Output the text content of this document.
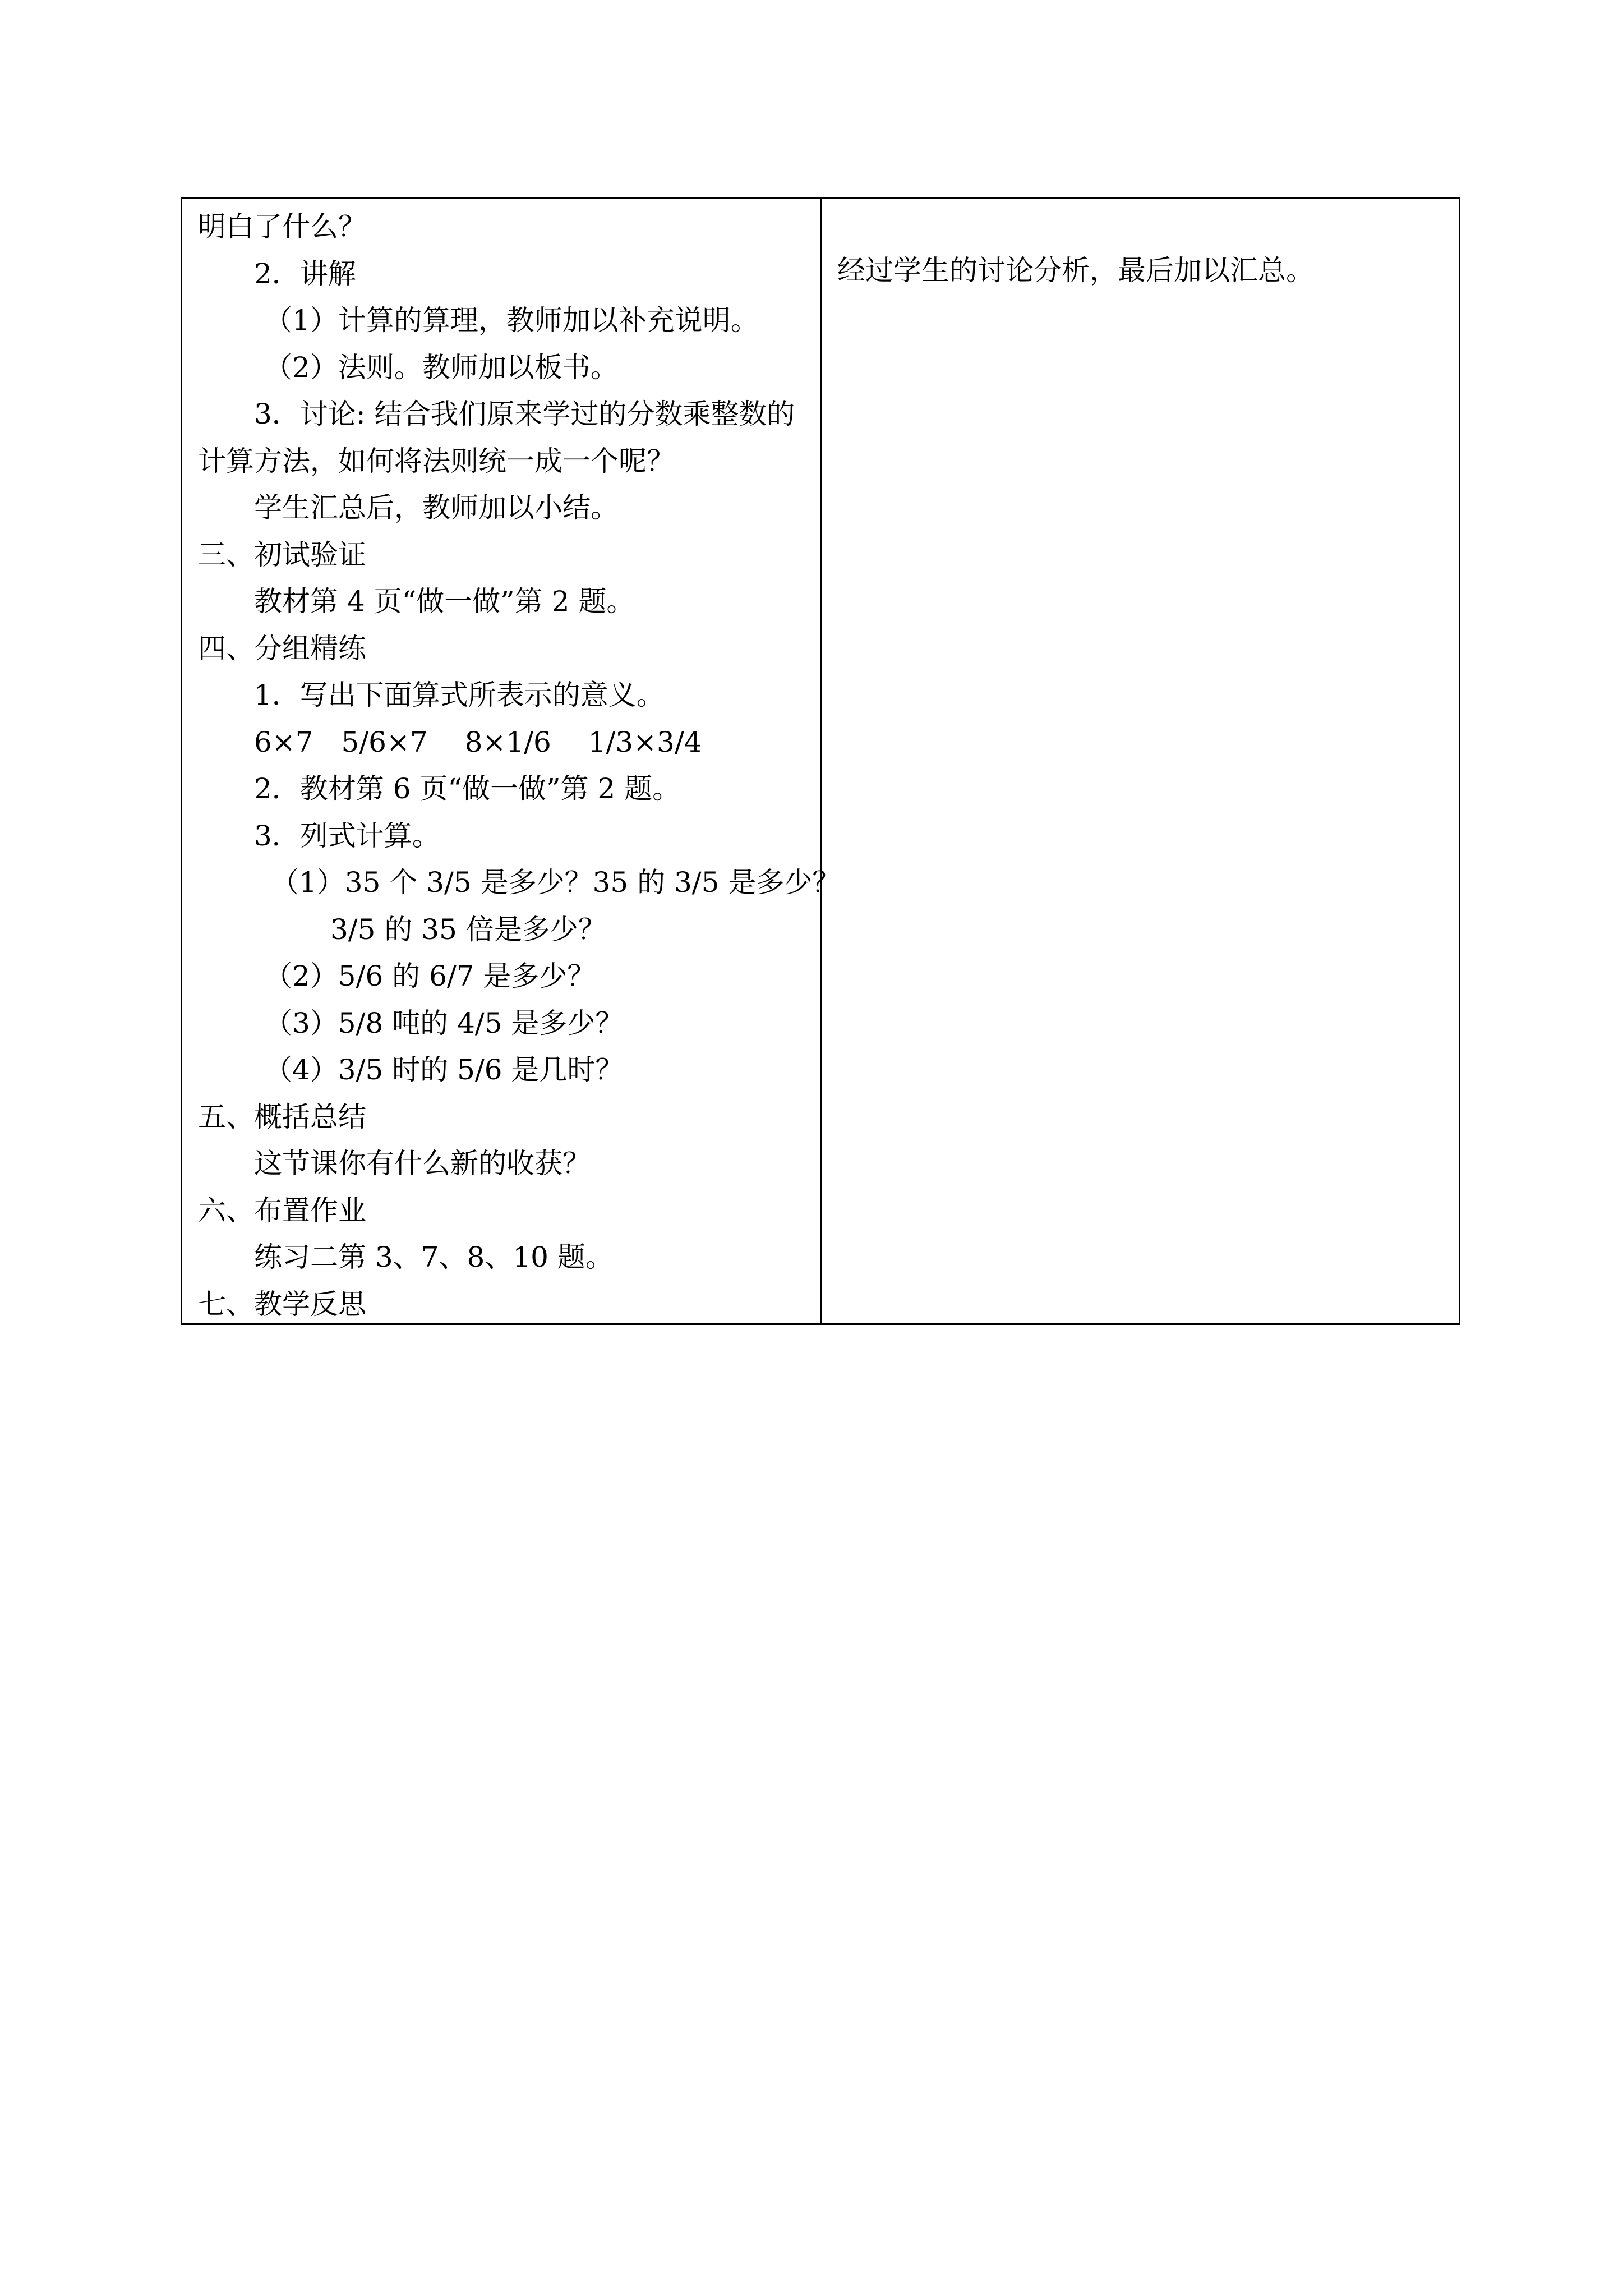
明白了什么？
2．讲解
（1）计算的算理，教师加以补充说明。
（2）法则。教师加以板书。
3．讨论: 结合我们原来学过的分数乘整数的
计算方法，如何将法则统一成一个呢？
学生汇总后，教师加以小结。
三、初试验证
教材第 4 页“做一做”第 2 题。
四、分组精练
1．写出下面算式所表示的意义。
6×7　5/6×7　 8×1/6　 1/3×3/4
2．教材第 6 页“做一做”第 2 题。
3．列式计算。
（1）35 个 3/5 是多少？35 的 3/5 是多少？
3/5 的 35 倍是多少？
（2）5/6 的 6/7 是多少？
（3）5/8 吨的 4/5 是多少？
（4）3/5 时的 5/6 是几时？
五、概括总结
这节课你有什么新的收获？
六、布置作业
练习二第 3、7、8、10 题。
七、教学反思
经过学生的讨论分析，最后加以汇总。
